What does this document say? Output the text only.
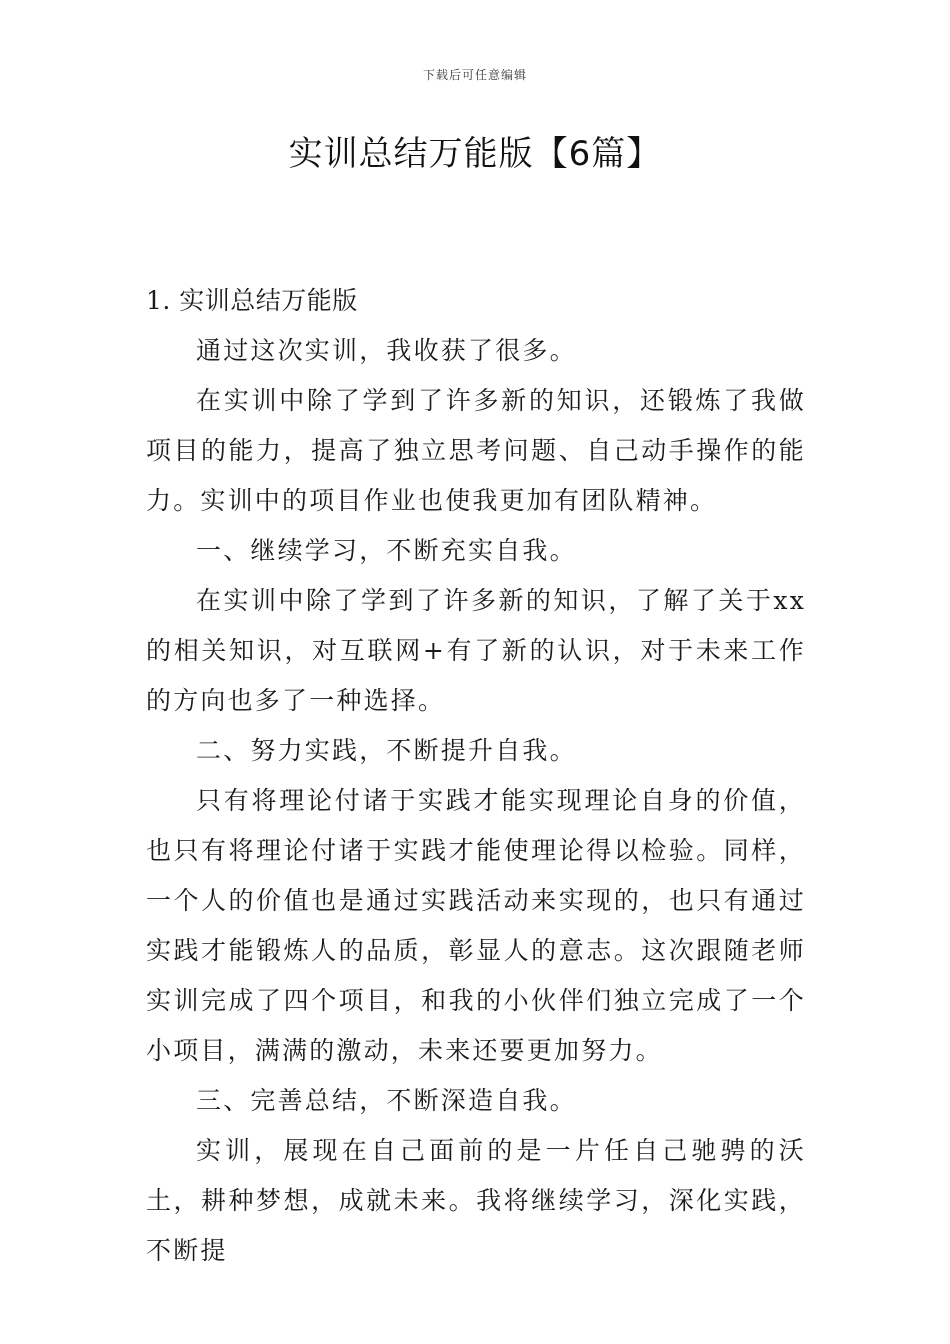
下载后可任意编辑
实训总结万能版【6篇】

1. 实训总结万能版

通过这次实训，我收获了很多。

在实训中除了学到了许多新的知识，还锻炼了我做项目的能力，提高了独立思考问题、自己动手操作的能力。实训中的项目作业也使我更加有团队精神。

一、继续学习，不断充实自我。

在实训中除了学到了许多新的知识，了解了关于xx的相关知识，对互联网+有了新的认识，对于未来工作的方向也多了一种选择。

二、努力实践，不断提升自我。

只有将理论付诸于实践才能实现理论自身的价值，也只有将理论付诸于实践才能使理论得以检验。同样，一个人的价值也是通过实践活动来实现的，也只有通过实践才能锻炼人的品质，彰显人的意志。这次跟随老师实训完成了四个项目，和我的小伙伴们独立完成了一个小项目，满满的激动，未来还要更加努力。

三、完善总结，不断深造自我。

实训，展现在自己面前的是一片任自己驰骋的沃土，耕种梦想，成就未来。我将继续学习，深化实践，不断提
